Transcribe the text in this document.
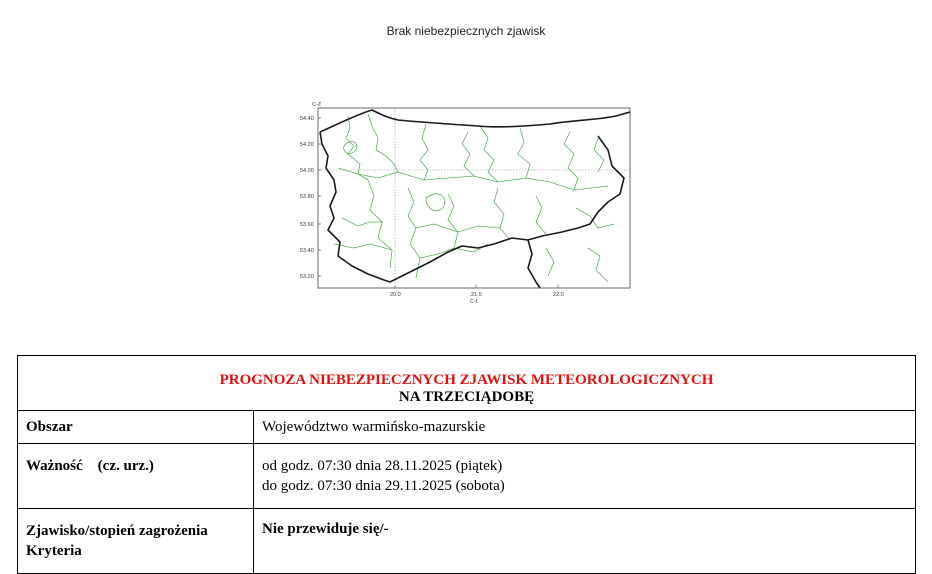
Brak niebezpiecznych zjawisk
54.40
54.20
54.00
53.80
53.60
53.40
53.20
C-Z
20.0	21.0	22.0
C-I
PROGNOZA NIEBEZPIECZNYCH ZJAWISK METEOROLOGICZNYCH
NA TRZECIĄDOBĘ	

Obszar	Województwo warmińsko-mazurskie
Ważność    (cz. urz.)	od godz. 07:30 dnia 28.11.2025 (piątek)
do godz. 07:30 dnia 29.11.2025 (sobota)

Zjawisko/stopień zagrożenia
Kryteria	Nie przewiduje się/-
